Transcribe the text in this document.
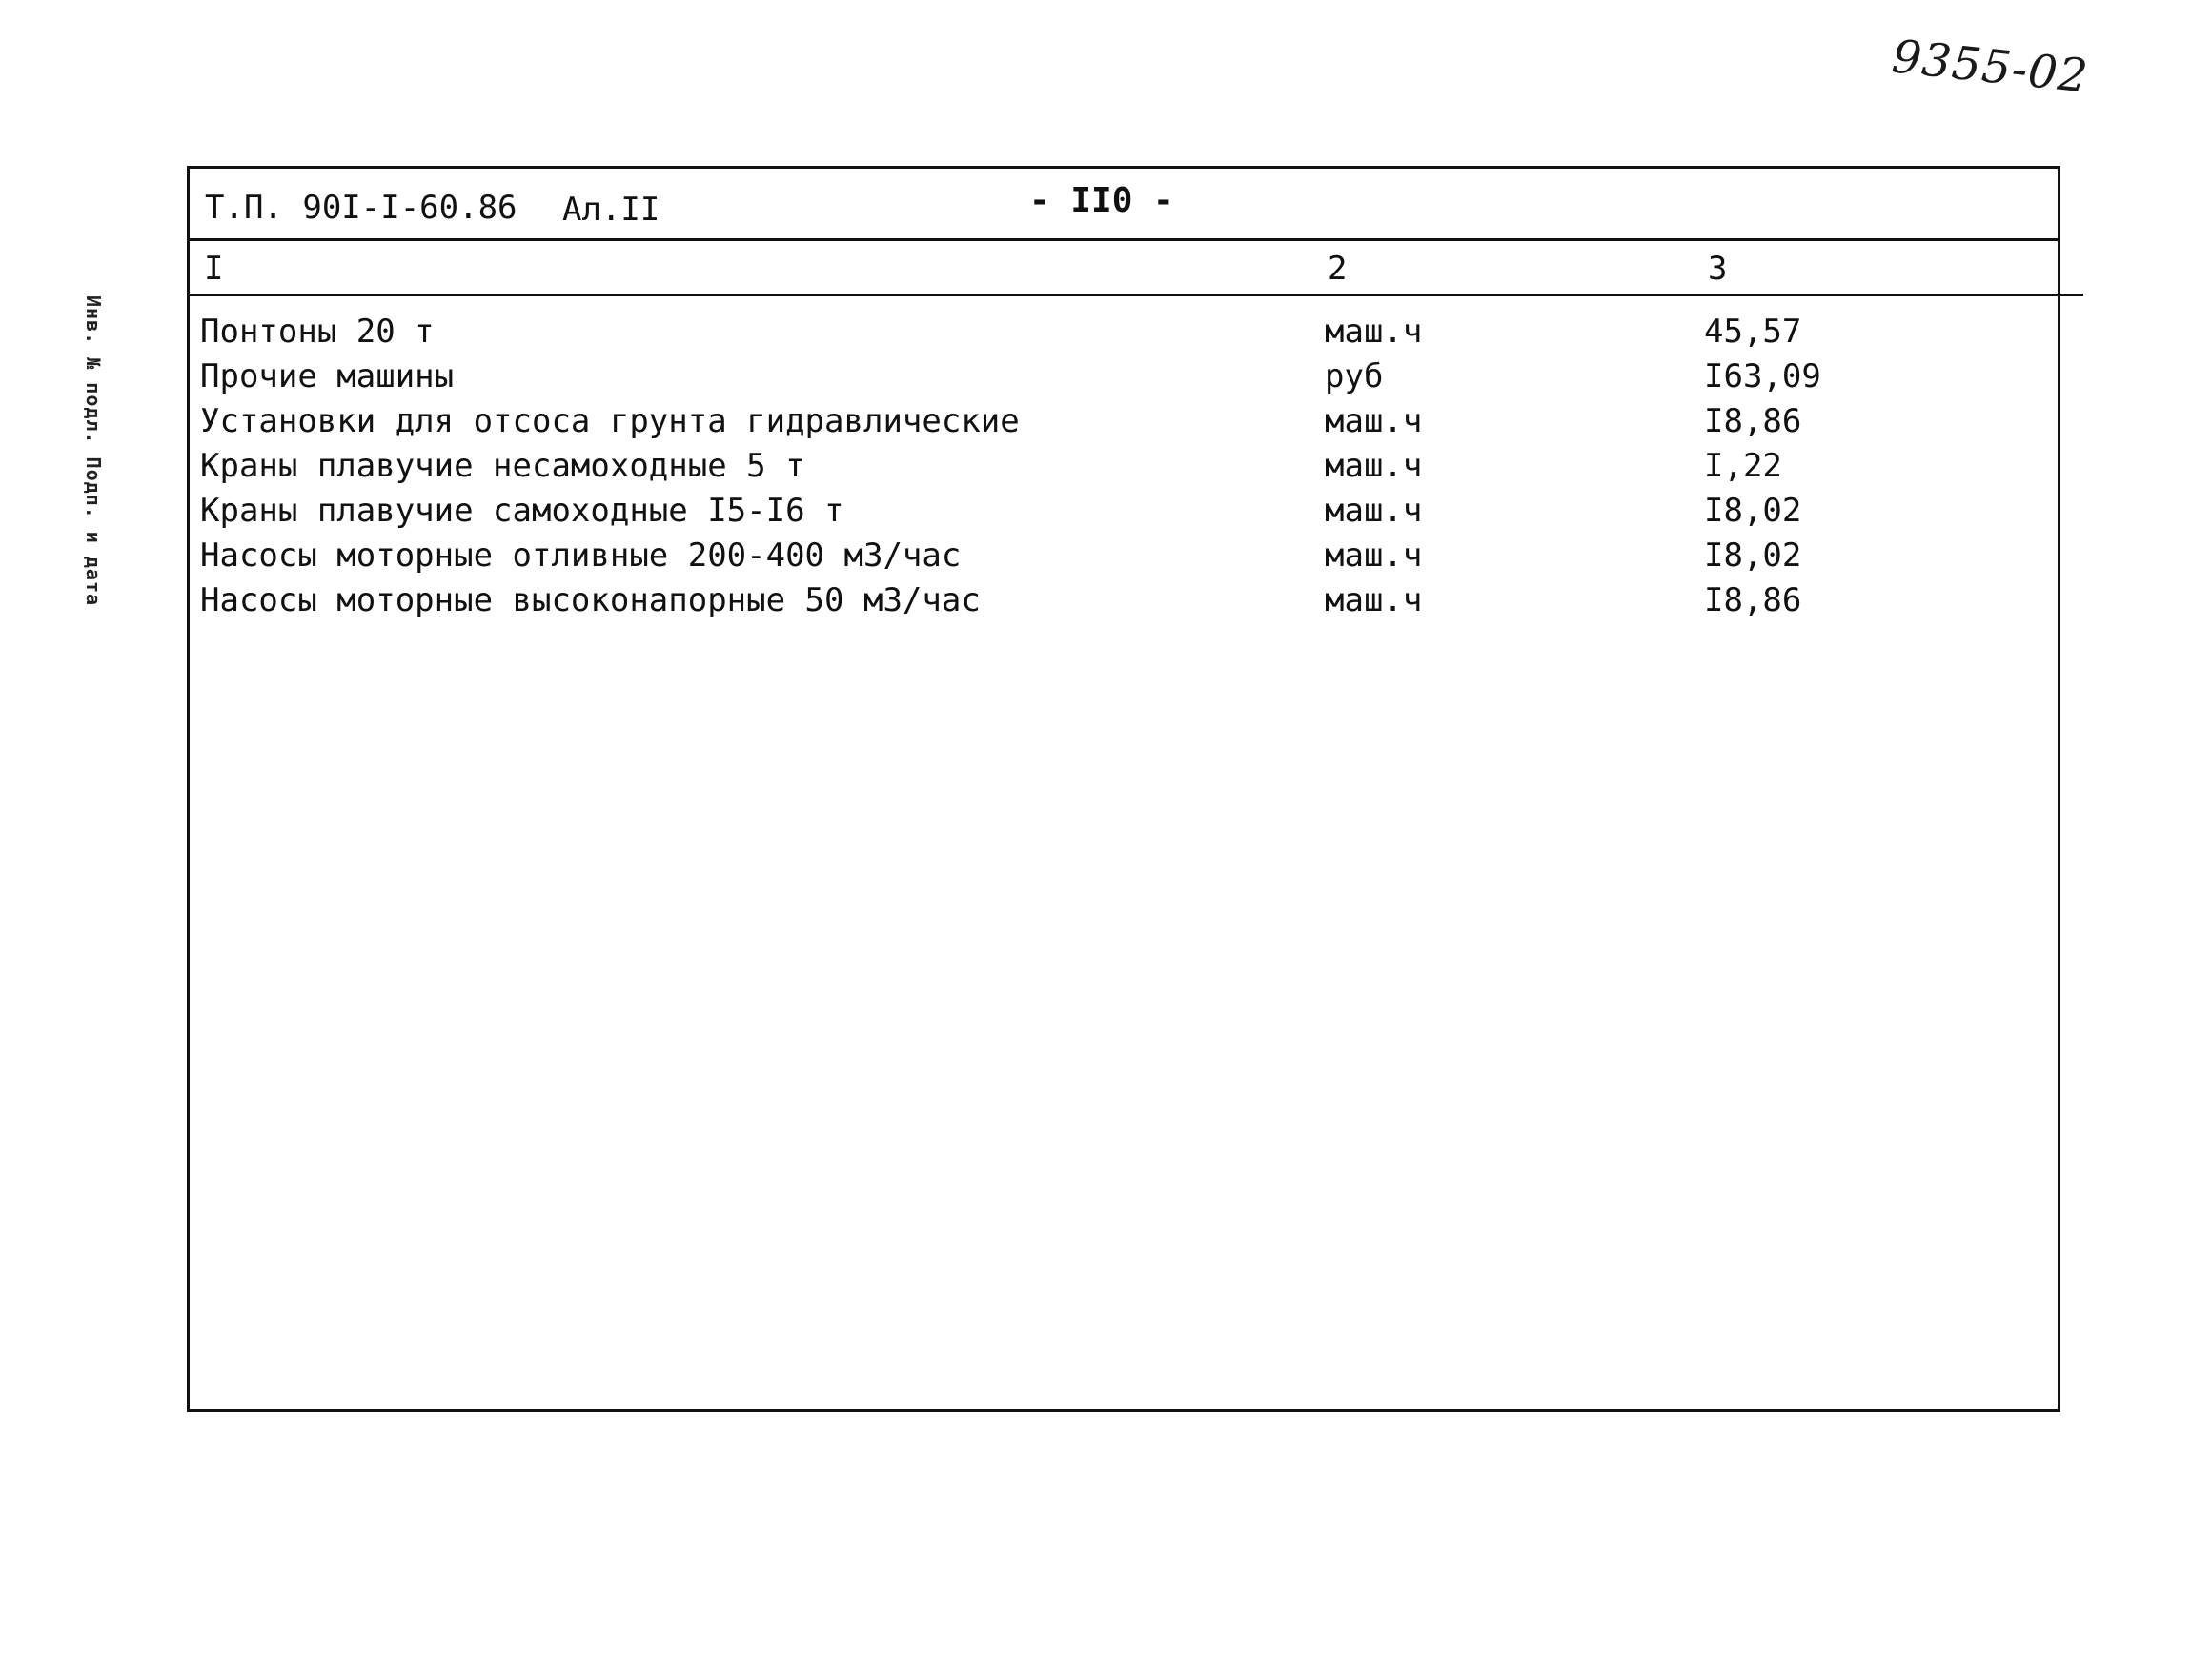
9355-02
Инв. № подл. Подп. и дата
Т.П. 90I-I-60.86 Ал.II	- II0 -
I	2	3
Понтоны 20 т	маш.ч	45,57
Прочие машины	руб	I63,09
Установки для отсоса грунта гидравлические	маш.ч	I8,86
Краны плавучие несамоходные 5 т	маш.ч	I,22
Краны плавучие самоходные I5-I6 т	маш.ч	I8,02
Насосы моторные отливные 200-400 м3/час	маш.ч	I8,02
Насосы моторные высоконапорные 50 м3/час	маш.ч	I8,86
